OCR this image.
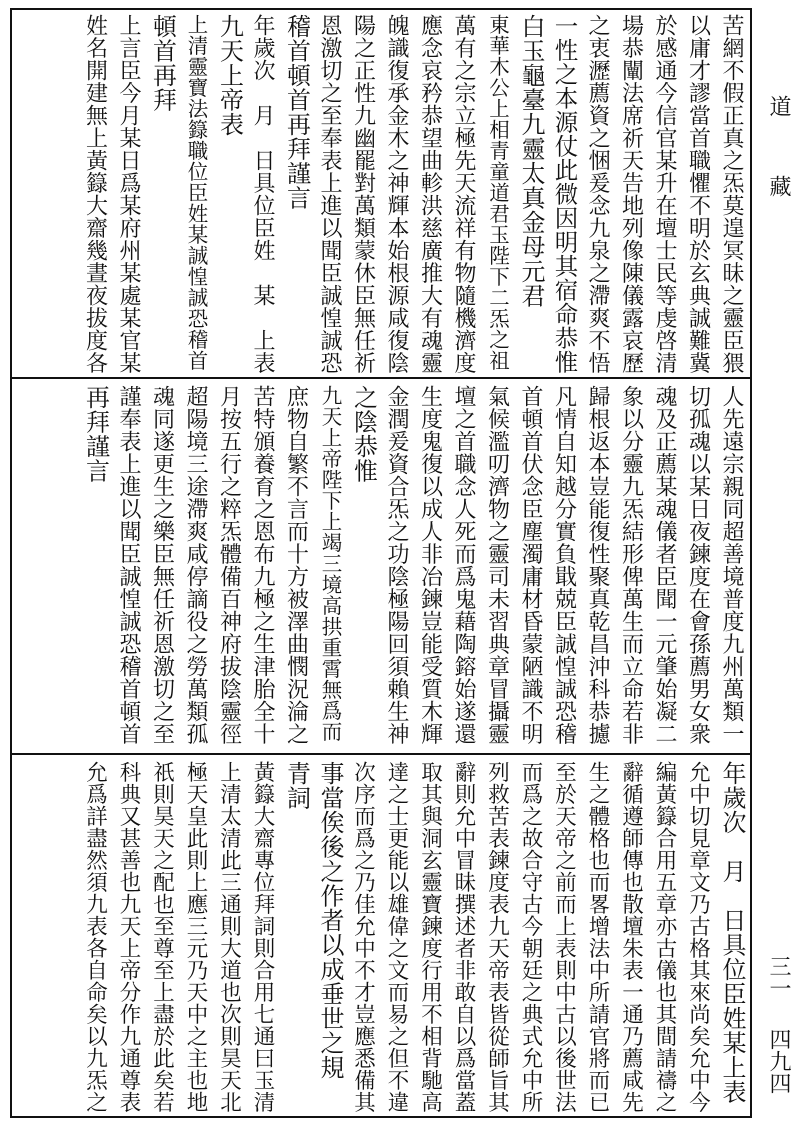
苦網不假正真之炁莫遑冥昧之靈臣猥
以庸才謬當首職懼不明於玄典誠難冀
於感通今信官某升在壇士民等虔啓清
場恭闡法席祈天告地列像陳儀露哀歷
之衷瀝薦資之悃爰念九泉之滯爽不悟
一性之本源仗此微因明其宿命恭惟
白玉龜臺九靈太真金母元君
東華木公上相青童道君玉陛下二炁之祖
萬有之宗立極先天流祥有物隨機濟度
應念哀矜恭望曲軫洪慈廣推大有魂靈
魄識復承金木之神輝本始根源咸復陰
陽之正性九幽罷對萬類蒙休臣無任祈
恩激切之至奉表上進以聞臣誠惶誠恐
稽首頓首再拜謹言
年歲次　月　日具位臣姓　某　上表
九天上帝表
上清靈寶法籙職位臣姓某誠惶誠恐稽首
頓首再拜
上言臣今月某日爲某府州某處某官某
姓名開建無上黃籙大齋幾晝夜拔度各
人先遠宗親同超善境普度九州萬類一
切孤魂以某日夜鍊度在會孫薦男女衆
魂及正薦某魂儀者臣聞一元肇始凝二
象以分靈九炁結形俾萬生而立命若非
歸根返本豈能復性聚真乾昌沖科恭攄
凡情自知越分實負戢兢臣誠惶誠恐稽
首頓首伏念臣塵濁庸材昏蒙陋識不明
氣候濫叨濟物之靈司未習典章冒攝靈
壇之首職念人死而爲鬼藉陶鎔始遂還
生度鬼復以成人非冶鍊豈能受質木輝
金潤爰資合炁之功陰極陽回須賴生神
之陰恭惟
九天上帝陛下上竭三境高拱重霄無爲而
庶物自繁不言而十方被澤曲憫況淪之
苦特頒養育之恩布九極之生津胎全十
月按五行之粹炁體備百神府拔陰靈徑
超陽境三途滯爽咸停謫役之勞萬類孤
魂同遂更生之樂臣無任祈恩激切之至
謹奉表上進以聞臣誠惶誠恐稽首頓首
再拜謹言
年歲次　月　日具位臣姓某上表
允中切見章文乃古格其來尚矣允中今
編黃籙合用五章亦古儀也其間請禱之
辭循遵師傳也散壇朱表一通乃薦咸先
生之體格也而畧增法中所請官將而已
至於天帝之前而上表則中古以後世法
而爲之故合守古今朝廷之典式允中所
列救苦表鍊度表九天帝表皆從師旨其
辭則允中冒昧撰述者非敢自以爲當蓋
取其與洞玄靈寶鍊度行用不相背馳高
達之士更能以雄偉之文而易之但不違
次序而爲之乃佳允中不才豈應悉備其
事當俟後之作者以成垂世之規
青詞
黃籙大齋專位拜詞則合用七通曰玉清
上清太清此三通則大道也次則昊天北
極天皇此則上應三元乃天中之主也地
祇則昊天之配也至尊至上盡於此矣若
科典又甚善也九天上帝分作九通尊表
允爲詳盡然須九表各自命矣以九炁之
道
藏
三一
四九四
